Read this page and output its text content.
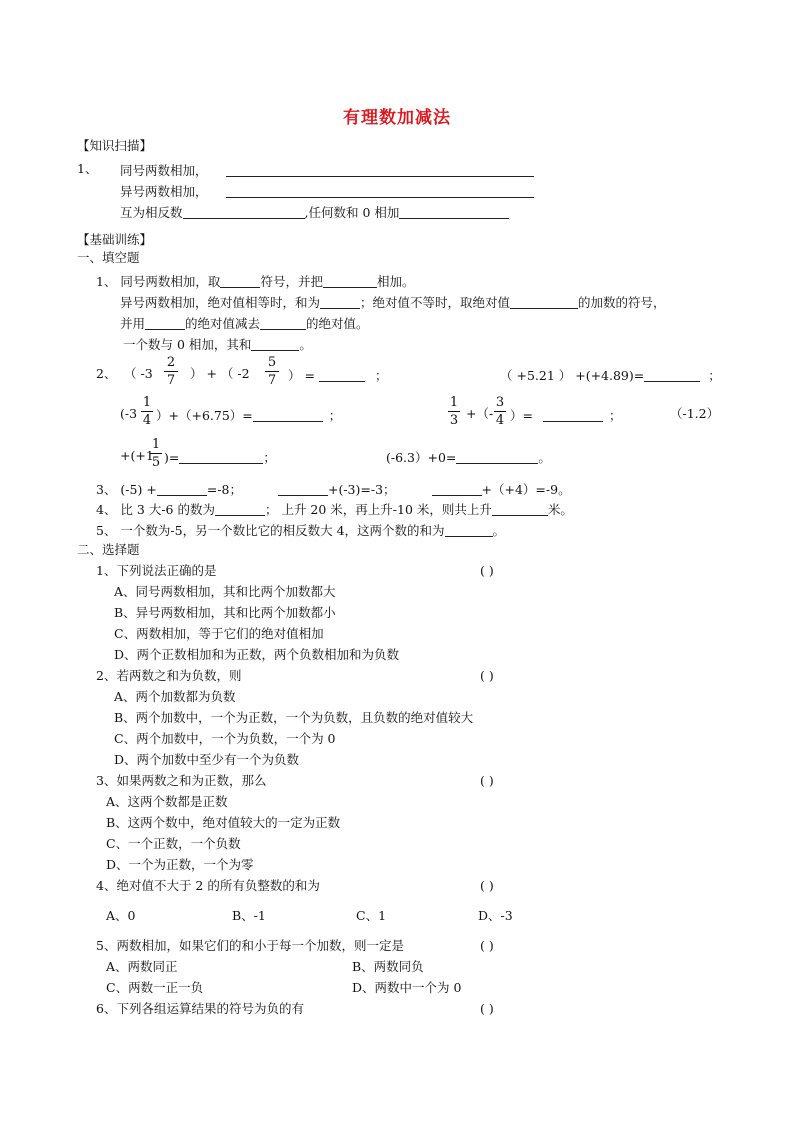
有理数加减法
【知识扫描】
1、 同号两数相加，
异号两数相加，
互为相反数	,任何数和 0 相加
【基础训练】
一、填空题
1、 同号两数相加，取	符号，并把	相加。
异号两数相加，绝对值相等时，和为	；绝对值不等时，取绝对值	的加数的符号，
并用	的绝对值减去	的绝对值。
一个数与 0 相加，其和	。
2、 （ -3
2
7 ） + （ -2
5
7 ） =	；	（ +5.21 ） +(+4.89)=	；
(-3
1
4 ）+（+6.75）=	；
1
3 +（-
3
4 ）=	；	（-1.2）
+(+1
1
5 )=	；	(-6.3）+0=	。
3、 (-5) +	=-8；	+(-3)=-3；	+（+4）=-9。
4、 比 3 大-6 的数为	； 上升 20 米，再上升-10 米，则共上升	米。
5、 一个数为-5，另一个数比它的相反数大 4，这两个数的和为	。
二、选择题
1、下列说法正确的是	( )
A、同号两数相加，其和比两个加数都大
B、异号两数相加，其和比两个加数都小
C、两数相加，等于它们的绝对值相加
D、两个正数相加和为正数，两个负数相加和为负数
2、若两数之和为负数，则	( )
A、两个加数都为负数
B、两个加数中，一个为正数，一个为负数，且负数的绝对值较大
C、两个加数中，一个为负数，一个为 0
D、两个加数中至少有一个为负数
3、如果两数之和为正数，那么	( )
A、这两个数都是正数
B、这两个数中，绝对值较大的一定为正数
C、一个正数，一个负数
D、一个为正数，一个为零
4、绝对值不大于 2 的所有负整数的和为	( )
A、0	B、-1	C、1	D、-3
5、两数相加，如果它们的和小于每一个加数，则一定是	( )
A、两数同正	B、两数同负
C、两数一正一负	D、两数中一个为 0
6、下列各组运算结果的符号为负的有	( )
